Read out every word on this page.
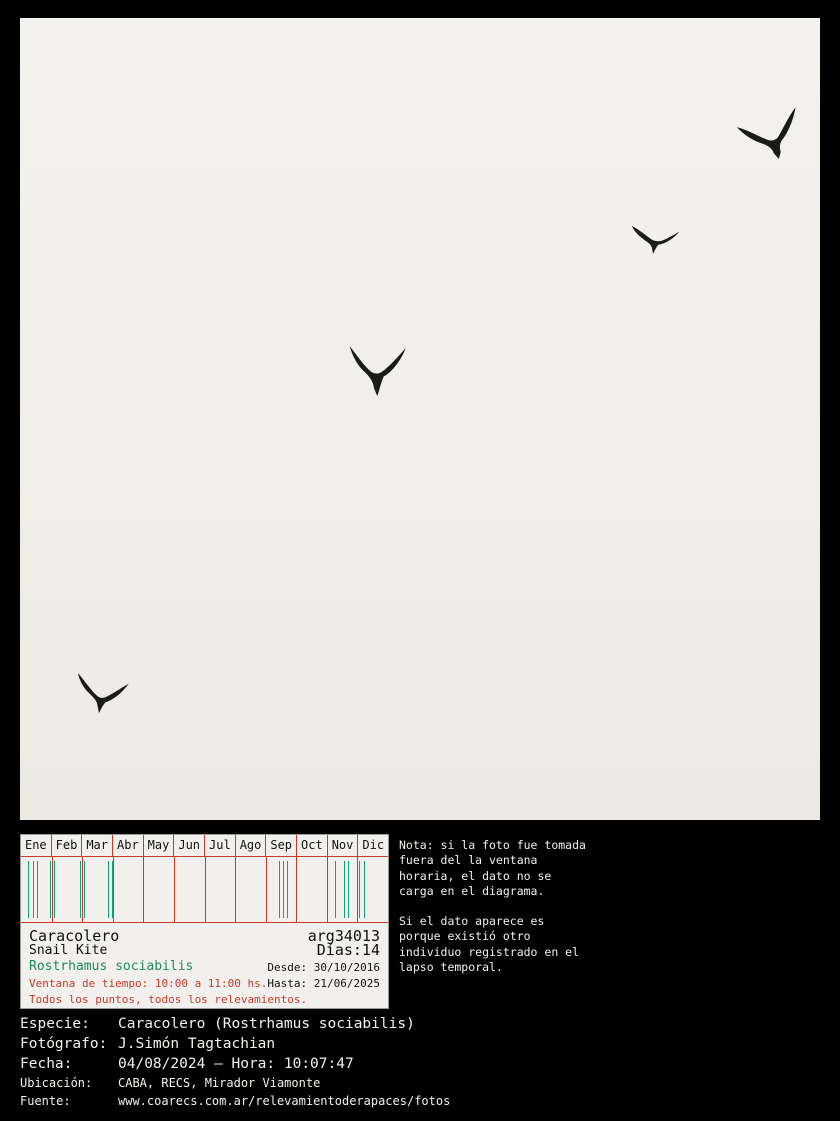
Ene Feb Mar Abr May Jun Jul Ago Sep Oct Nov Dic
Caracolero	arg34013
Snail Kite	Días:14
Rostrhamus sociabilis	Desde: 30/10/2016
Ventana de tiempo: 10:00 a 11:00 hs. Hasta: 21/06/2025
Todos los puntos, todos los relevamientos.

Nota: si la foto fue tomada fuera del la ventana horaria, el dato no se carga en el diagrama.

Si el dato aparece es porque existió otro individuo registrado en el lapso temporal.

Especie:	Caracolero (Rostrhamus sociabilis)
Fotógrafo: J.Simón Tagtachian
Fecha:	04/08/2024 — Hora: 10:07:47
Ubicación:	CABA, RECS, Mirador Viamonte
Fuente:	www.coarecs.com.ar/relevamientoderapaces/fotos
